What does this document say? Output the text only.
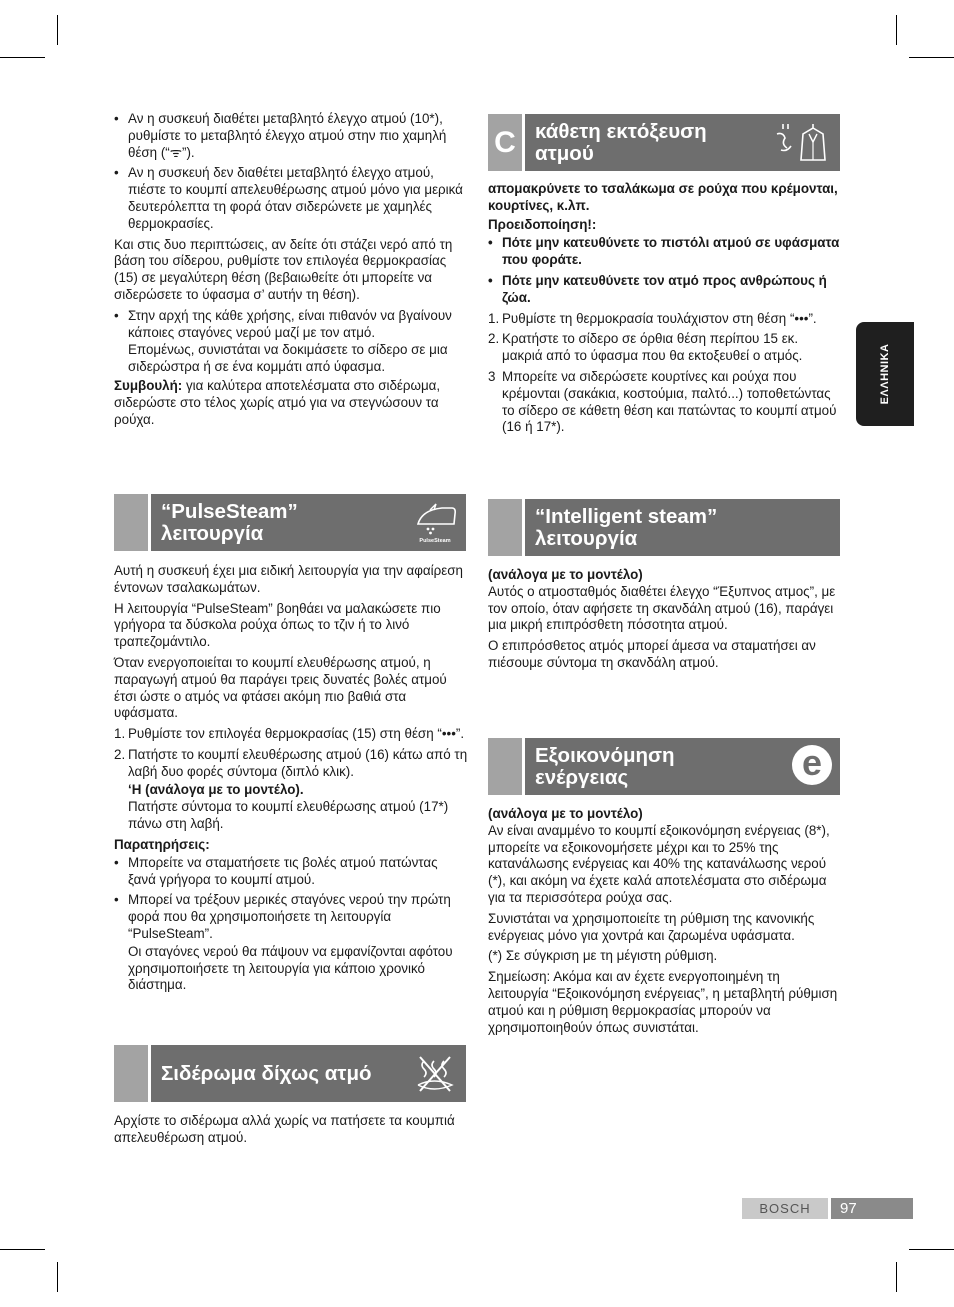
• Αν η συσκευή διαθέτει μεταβλητό έλεγχο ατμού (10*), ρυθμίστε το μεταβλητό έλεγχο ατμού στην πιο χαμηλή θέση (“ᯤ”).
• Αν η συσκευή δεν διαθέτει μεταβλητό έλεγχο ατμού, πιέστε το κουμπί απελευθέρωσης ατμού μόνο για μερικά δευτερόλεπτα τη φορά όταν σιδερώνετε με χαμηλές θερμοκρασίες.

Και στις δυο περιπτώσεις, αν δείτε ότι στάζει νερό από τη βάση του σίδερου, ρυθμίστε τον επιλογέα θερμοκρασίας (15) σε μεγαλύτερη θέση (βεβαιωθείτε ότι μπορείτε να σιδερώσετε το ύφασμα σ’ αυτήν τη θέση).

• Στην αρχή της κάθε χρήσης, είναι πιθανόν να βγαίνουν κάποιες σταγόνες νερού μαζί με τον ατμό.

Επομένως, συνιστάται να δοκιμάσετε το σίδερο σε μια σιδερώστρα ή σε ένα κομμάτι από ύφασμα.

Συμβουλή: για καλύτερα αποτελέσματα στο σιδέρωμα, σιδερώστε στο τέλος χωρίς ατμό για να στεγνώσουν τα ρούχα.

“PulseSteam”
λειτουργία	PulseSteam

Αυτή η συσκευή έχει μια ειδική λειτουργία για την αφαίρεση έντονων τσαλακωμάτων.

Η λειτουργία “PulseSteam” βοηθάει να μαλακώσετε πιο γρήγορα τα δύσκολα ρούχα όπως το τζιν ή το λινό τραπεζομάντιλο.

Όταν ενεργοποιείται το κουμπί ελευθέρωσης ατμού, η παραγωγή ατμού θα παράγει τρεις δυνατές βολές ατμού έτσι ώστε ο ατμός να φτάσει ακόμη πιο βαθιά στα υφάσματα.

1. Ρυθμίστε τον επιλογέα θερμοκρασίας (15) στη θέση “•••”.
2. Πατήστε το κουμπί ελευθέρωσης ατμού (16) κάτω από τη λαβή δυο φορές σύντομα (διπλό κλικ).

‘Η (ανάλογα με το μοντέλο).

Πατήστε σύντομα το κουμπί ελευθέρωσης ατμού (17*) πάνω στη λαβή.

Παρατηρήσεις:

• Μπορείτε να σταματήσετε τις βολές ατμού πατώντας ξανά γρήγορα το κουμπί ατμού.
• Μπορεί να τρέξουν μερικές σταγόνες νερού την πρώτη φορά που θα χρησιμοποιήσετε τη λειτουργία “PulseSteam”.

Οι σταγόνες νερού θα πάψουν να εμφανίζονται αφότου χρησιμοποιήσετε τη λειτουργία για κάποιο χρονικό διάστημα.

Σιδέρωμα δίχως ατμό

Αρχίστε το σιδέρωμα αλλά χωρίς να πατήσετε τα κουμπιά απελευθέρωση ατμού.

C κάθετη εκτόξευση
ατμού

απομακρύνετε το τσαλάκωμα σε ρούχα που κρέμονται, κουρτίνες, κ.λπ.

Προειδοποίηση!:

• Πότε μην κατευθύνετε το πιστόλι ατμού σε υφάσματα που φοράτε.
• Πότε μην κατευθύνετε τον ατμό προς ανθρώπους ή ζώα.
1. Ρυθμίστε τη θερμοκρασία τουλάχιστον στη θέση “•••”.
2. Κρατήστε το σίδερο σε όρθια θέση περίπου 15 εκ. μακριά από το ύφασμα που θα εκτοξευθεί ο ατμός.
3 Μπορείτε να σιδερώσετε κουρτίνες και ρούχα που κρέμονται (σακάκια, κοστούμια, παλτό...) τοποθετώντας το σίδερο σε κάθετη θέση και πατώντας το κουμπί ατμού (16 ή 17*).
“Intelligent steam”
λειτουργία

(ανάλογα με το μοντέλο)

Αυτός ο ατμοσταθμός διαθέτει έλεγχο “Έξυπνος ατμος”, με τον οποίο, όταν αφήσετε τη σκανδάλη ατμού (16), παράγει μια μικρή επιπρόσθετη πόσοτητα ατμού.

Ο επιπρόσθετος ατμός μπορεί άμεσα να σταματήσει αν πιέσουμε σύντομα τη σκανδάλη ατμού.

Εξοικονόμηση
ενέργειας	e

(ανάλογα με το μοντέλο)

Αν είναι αναμμένο το κουμπί εξοικονόμηση ενέργειας (8*), μπορείτε να εξοικονομήσετε μέχρι και το 25% της κατανάλωσης ενέργειας και 40% της κατανάλωσης νερού (*), και ακόμη να έχετε καλά αποτελέσματα στο σιδέρωμα για τα περισσότερα ρούχα σας.

Συνιστάται να χρησιμοποιείτε τη ρύθμιση της κανονικής ενέργειας μόνο για χοντρά και ζαρωμένα υφάσματα.

(*) Σε σύγκριση με τη μέγιστη ρύθμιση.

Σημείωση: Ακόμα και αν έχετε ενεργοποιημένη τη λειτουργία “Εξοικονόμηση ενέργειας”, η μεταβλητή ρύθμιση ατμού και η ρύθμιση θερμοκρασίας μπορούν να χρησιμοποιηθούν όπως συνιστάται.

ΕΛΛΗΝΙΚΑ
BOSCH	97
